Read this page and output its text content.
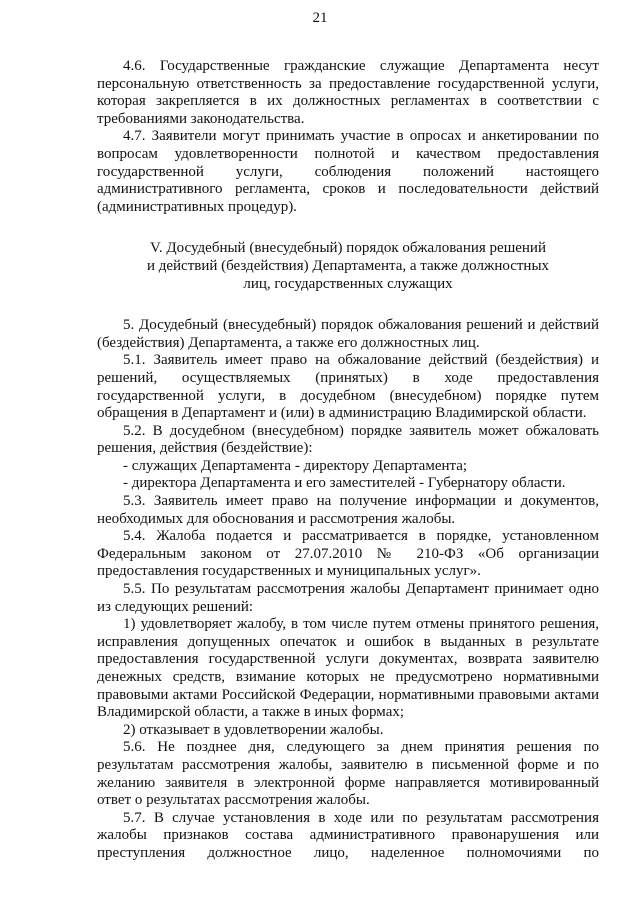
21

4.6. Государственные гражданские служащие Департамента несут персональную ответственность за предоставление государственной услуги, которая закрепляется в их должностных регламентах в соответствии с требованиями законодательства.

4.7. Заявители могут принимать участие в опросах и анкетировании по вопросам удовлетворенности полнотой и качеством предоставления государственной услуги, соблюдения положений настоящего административного регламента, сроков и последовательности действий (административных процедур).

V. Досудебный (внесудебный) порядок обжалования решений
и действий (бездействия) Департамента, а также должностных
лиц, государственных служащих

5. Досудебный (внесудебный) порядок обжалования решений и действий (бездействия) Департамента, а также его должностных лиц.

5.1. Заявитель имеет право на обжалование действий (бездействия) и решений, осуществляемых (принятых) в ходе предоставления государственной услуги, в досудебном (внесудебном) порядке путем обращения в Департамент и (или) в администрацию Владимирской области.

5.2. В досудебном (внесудебном) порядке заявитель может обжаловать решения, действия (бездействие):

- служащих Департамента - директору Департамента;

- директора Департамента и его заместителей - Губернатору области.

5.3. Заявитель имеет право на получение информации и документов, необходимых для обоснования и рассмотрения жалобы.

5.4. Жалоба подается и рассматривается в порядке, установленном Федеральным законом от 27.07.2010 № 210-ФЗ «Об организации предоставления государственных и муниципальных услуг».

5.5. По результатам рассмотрения жалобы Департамент принимает одно из следующих решений:

1) удовлетворяет жалобу, в том числе путем отмены принятого решения, исправления допущенных опечаток и ошибок в выданных в результате предоставления государственной услуги документах, возврата заявителю денежных средств, взимание которых не предусмотрено нормативными правовыми актами Российской Федерации, нормативными правовыми актами Владимирской области, а также в иных формах;

2) отказывает в удовлетворении жалобы.

5.6. Не позднее дня, следующего за днем принятия решения по результатам рассмотрения жалобы, заявителю в письменной форме и по желанию заявителя в электронной форме направляется мотивированный ответ о результатах рассмотрения жалобы.

5.7. В случае установления в ходе или по результатам рассмотрения жалобы признаков состава административного правонарушения или преступления должностное лицо, наделенное полномочиями по
